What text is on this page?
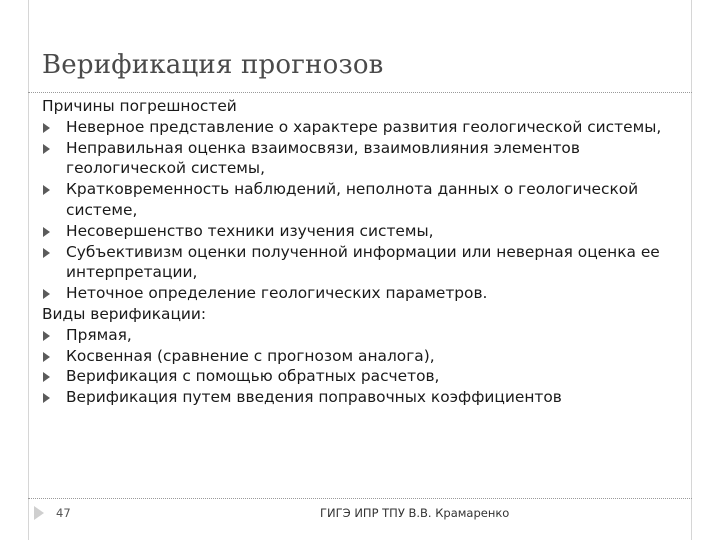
Верификация прогнозов
Причины погрешностей
Неверное представление о характере развития геологической системы,
Неправильная оценка взаимосвязи, взаимовлияния элементов геологической системы,
Кратковременность наблюдений, неполнота данных о геологической системе,
Несовершенство техники изучения системы,
Субъективизм оценки полученной информации или неверная оценка ее интерпретации,
Неточное определение геологических параметров.
Виды верификации:
Прямая,
Косвенная (сравнение с прогнозом аналога),
Верификация с помощью обратных расчетов,
Верификация путем введения поправочных коэффициентов
47	ГИГЭ ИПР ТПУ В.В. Крамаренко
